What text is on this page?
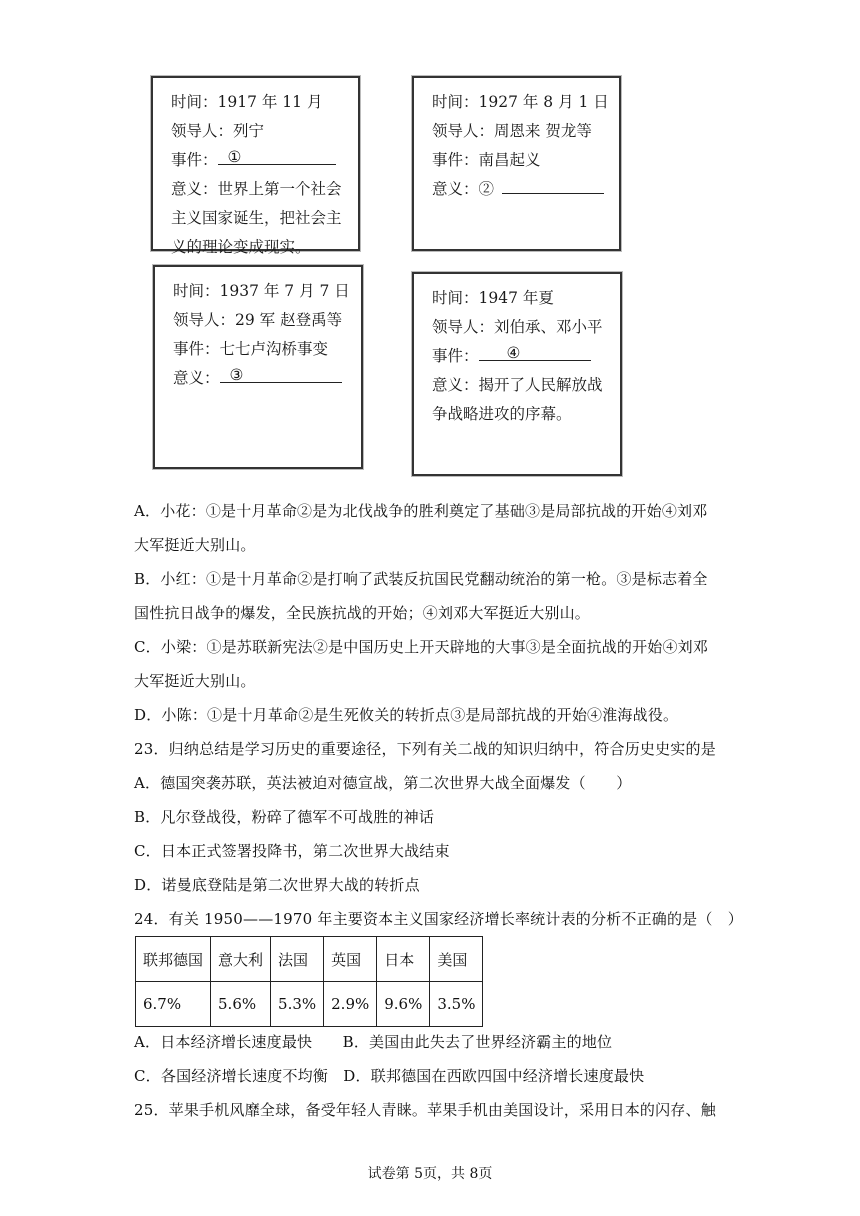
时间：1917 年 11 月
领导人：列宁
事件： ①
意义：世界上第一个社会
主义国家诞生，把社会主
义的理论变成现实。
时间：1927 年 8 月 1 日
领导人：周恩来 贺龙等
事件：南昌起义
意义：②
时间：1937 年 7 月 7 日
领导人：29 军 赵登禹等
事件：七七卢沟桥事变
意义： ③
时间：1947 年夏
领导人：刘伯承、邓小平
事件： ④
意义：揭开了人民解放战
争战略进攻的序幕。
A．小花：①是十月革命②是为北伐战争的胜利奠定了基础③是局部抗战的开始④刘邓
大军挺近大别山。
B．小红：①是十月革命②是打响了武装反抗国民党翻动统治的第一枪。③是标志着全
国性抗日战争的爆发，全民族抗战的开始；④刘邓大军挺近大别山。
C．小梁：①是苏联新宪法②是中国历史上开天辟地的大事③是全面抗战的开始④刘邓
大军挺近大别山。
D．小陈：①是十月革命②是生死攸关的转折点③是局部抗战的开始④淮海战役。
23．归纳总结是学习历史的重要途径，下列有关二战的知识归纳中，符合历史史实的是
A．德国突袭苏联，英法被迫对德宣战，第二次世界大战全面爆发（　　）
B．凡尔登战役，粉碎了德军不可战胜的神话
C．日本正式签署投降书，第二次世界大战结束
D．诺曼底登陆是第二次世界大战的转折点
24．有关 1950——1970 年主要资本主义国家经济增长率统计表的分析不正确的是（　）
联邦德国	意大利	法国	英国	日本	美国
6.7%	5.6%	5.3%	2.9%	9.6%	3.5%
A．日本经济增长速度最快　　B．美国由此失去了世界经济霸主的地位
C．各国经济增长速度不均衡　D．联邦德国在西欧四国中经济增长速度最快
25．苹果手机风靡全球，备受年轻人青睐。苹果手机由美国设计，采用日本的闪存、触
试卷第 5页，共 8页
